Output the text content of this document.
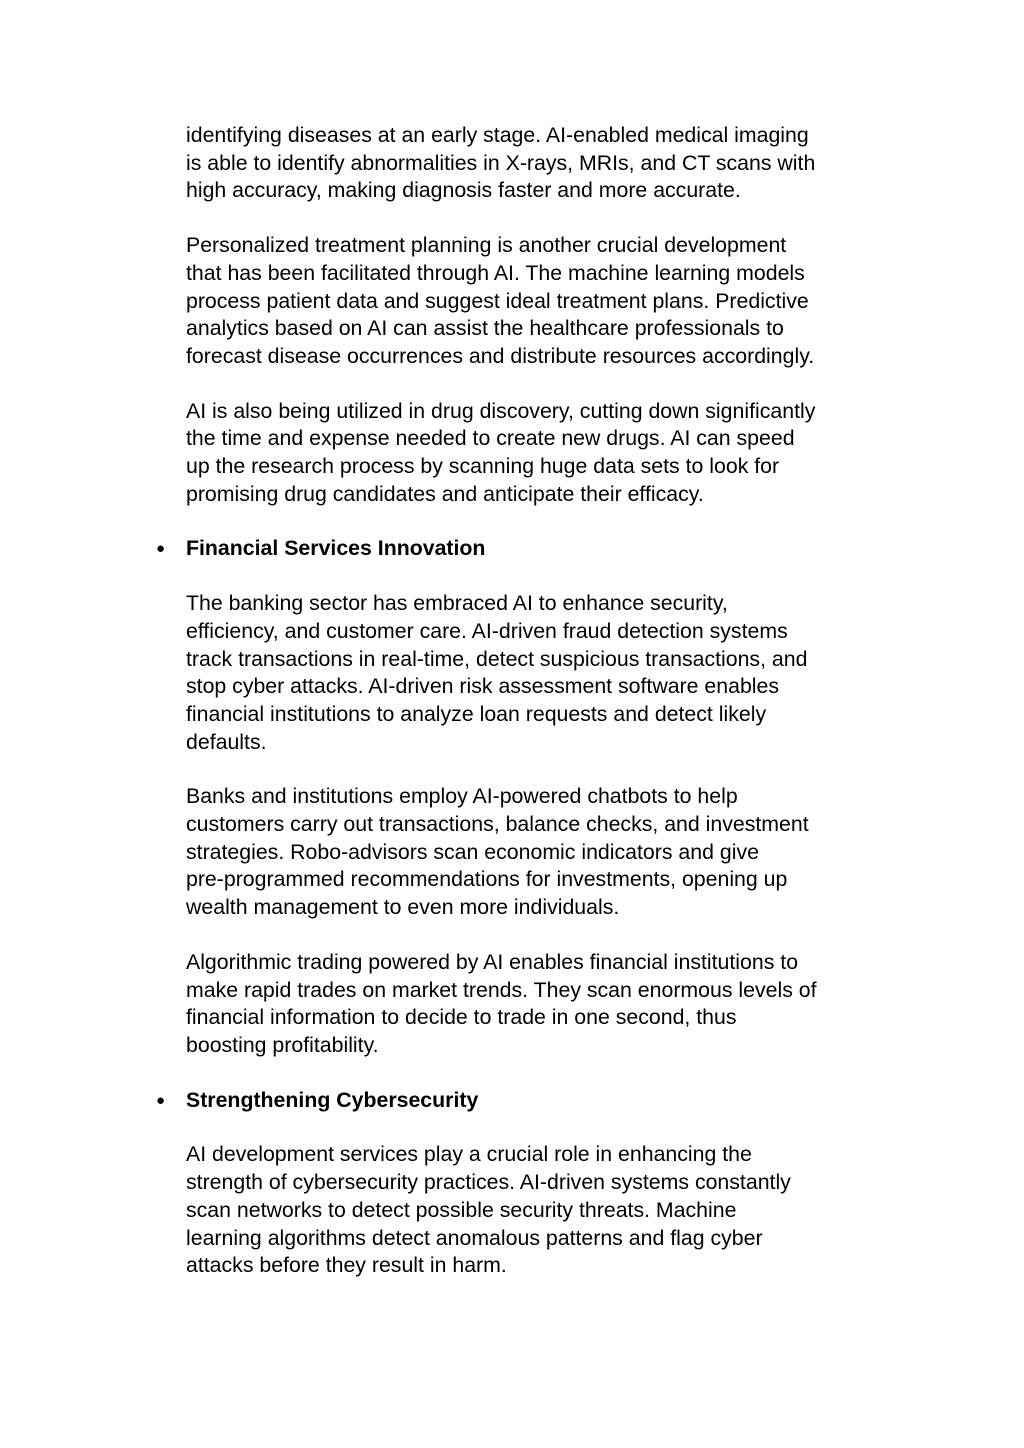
identifying diseases at an early stage. AI-enabled medical imaging
is able to identify abnormalities in X-rays, MRIs, and CT scans with
high accuracy, making diagnosis faster and more accurate.

Personalized treatment planning is another crucial development
that has been facilitated through AI. The machine learning models
process patient data and suggest ideal treatment plans. Predictive
analytics based on AI can assist the healthcare professionals to
forecast disease occurrences and distribute resources accordingly.

AI is also being utilized in drug discovery, cutting down significantly
the time and expense needed to create new drugs. AI can speed
up the research process by scanning huge data sets to look for
promising drug candidates and anticipate their efficacy.

● Financial Services Innovation

The banking sector has embraced AI to enhance security,
efficiency, and customer care. AI-driven fraud detection systems
track transactions in real-time, detect suspicious transactions, and
stop cyber attacks. AI-driven risk assessment software enables
financial institutions to analyze loan requests and detect likely
defaults.

Banks and institutions employ AI-powered chatbots to help
customers carry out transactions, balance checks, and investment
strategies. Robo-advisors scan economic indicators and give
pre-programmed recommendations for investments, opening up
wealth management to even more individuals.

Algorithmic trading powered by AI enables financial institutions to
make rapid trades on market trends. They scan enormous levels of
financial information to decide to trade in one second, thus
boosting profitability.

● Strengthening Cybersecurity

AI development services play a crucial role in enhancing the
strength of cybersecurity practices. AI-driven systems constantly
scan networks to detect possible security threats. Machine
learning algorithms detect anomalous patterns and flag cyber
attacks before they result in harm.
